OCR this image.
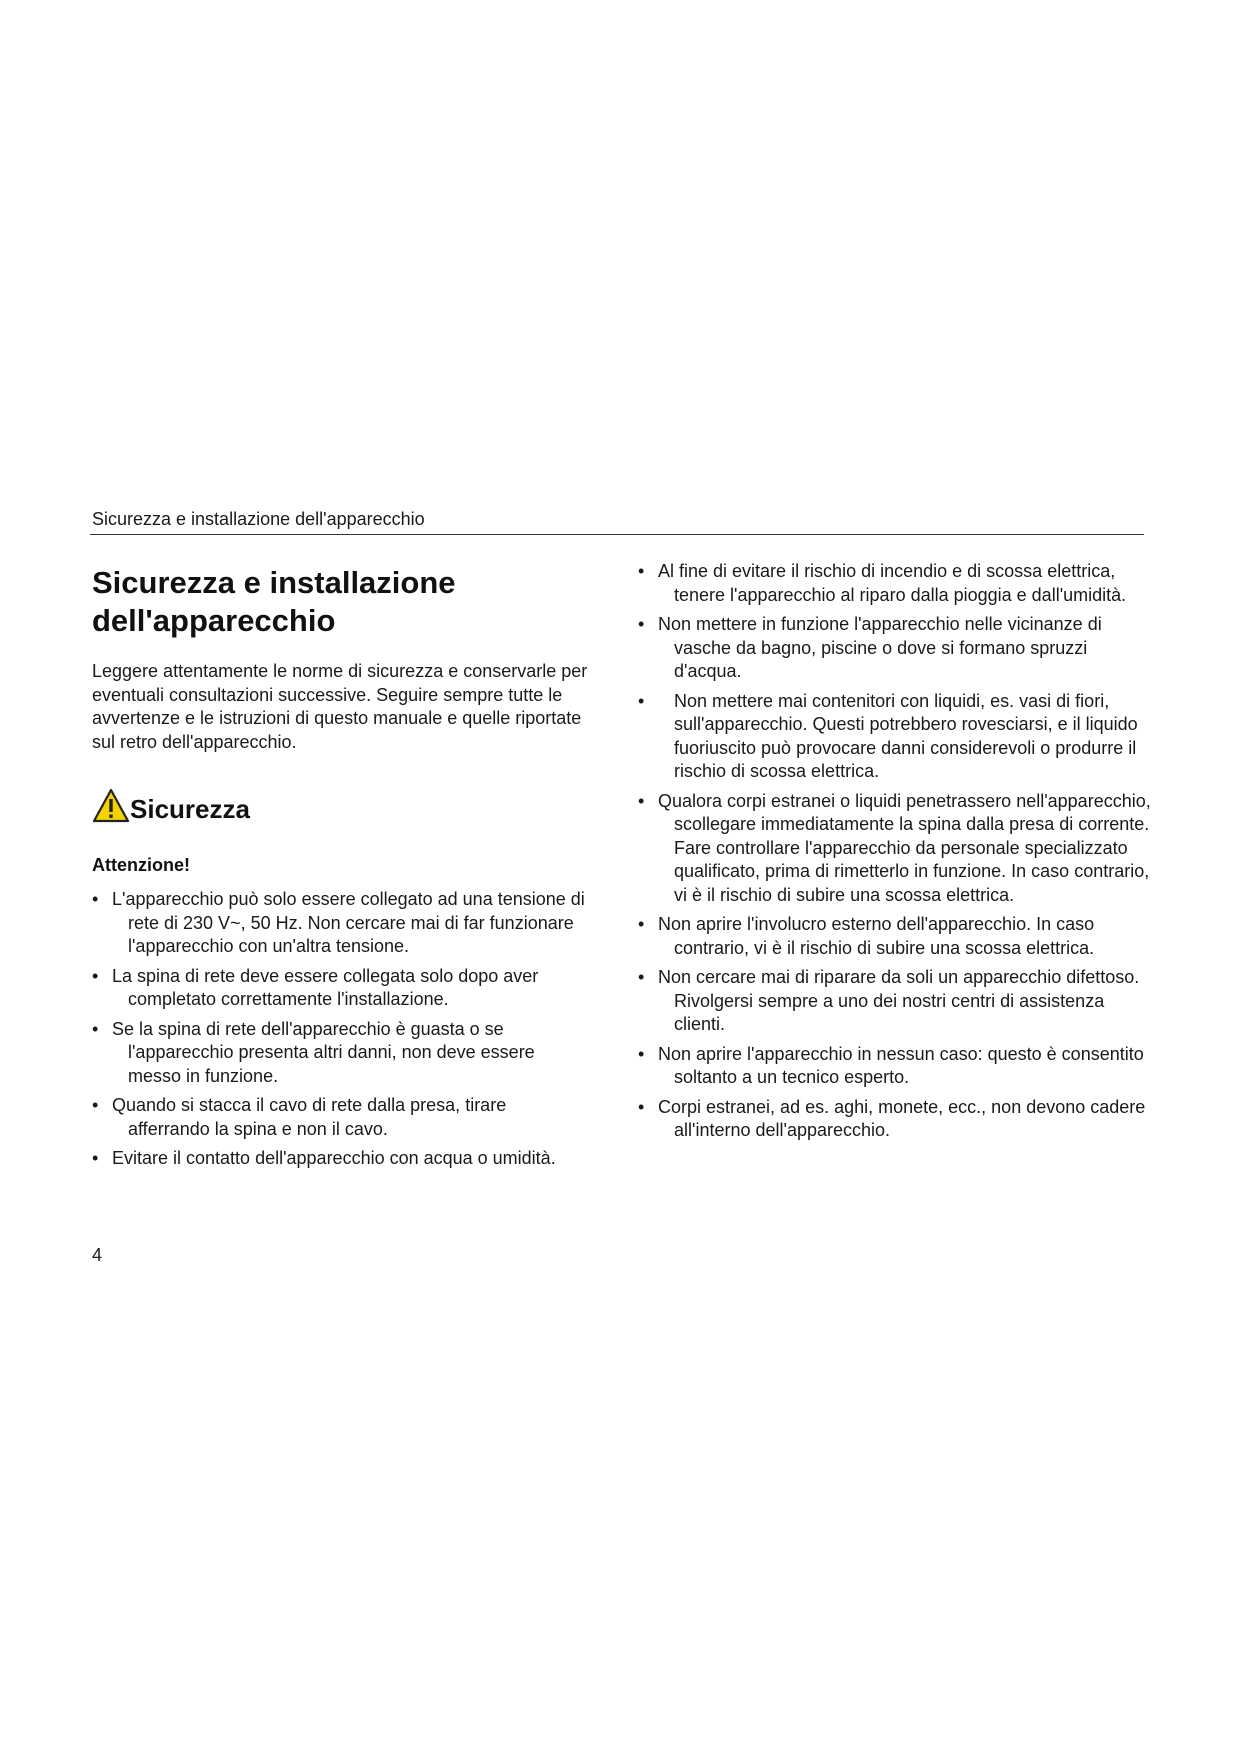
Sicurezza e installazione dell'apparecchio
Sicurezza e installazione dell'apparecchio

Leggere attentamente le norme di sicurezza e conservarle per eventuali consultazioni successive. Seguire sempre tutte le avvertenze e le istruzioni di questo manuale e quelle riportate sul retro dell'apparecchio.

Sicurezza
Attenzione!
• L'apparecchio può solo essere collegato ad una tensione di rete di 230 V~, 50 Hz. Non cercare mai di far funzionare l'apparecchio con un'altra tensione.
• La spina di rete deve essere collegata solo dopo aver completato correttamente l'installazione.
• Se la spina di rete dell'apparecchio è guasta o se l'apparecchio presenta altri danni, non deve essere messo in funzione.
• Quando si stacca il cavo di rete dalla presa, tirare afferrando la spina e non il cavo.
• Evitare il contatto dell'apparecchio con acqua o umidità.
• Al fine di evitare il rischio di incendio e di scossa elettrica, tenere l'apparecchio al riparo dalla pioggia e dall'umidità.
• Non mettere in funzione l'apparecchio nelle vicinanze di vasche da bagno, piscine o dove si formano spruzzi d'acqua.
•	Non mettere mai contenitori con liquidi, es. vasi di fiori, sull'apparecchio. Questi potrebbero rovesciarsi, e il liquido fuoriuscito può provocare danni considerevoli o produrre il rischio di scossa elettrica.
• Qualora corpi estranei o liquidi penetrassero nell'apparecchio, scollegare immediatamente la spina dalla presa di corrente. Fare controllare l'apparecchio da personale specializzato qualificato, prima di rimetterlo in funzione. In caso contrario, vi è il rischio di subire una scossa elettrica.
• Non aprire l'involucro esterno dell'apparecchio. In caso contrario, vi è il rischio di subire una scossa elettrica.
• Non cercare mai di riparare da soli un apparecchio difettoso. Rivolgersi sempre a uno dei nostri centri di assistenza clienti.
• Non aprire l'apparecchio in nessun caso: questo è consentito soltanto a un tecnico esperto.
• Corpi estranei, ad es. aghi, monete, ecc., non devono cadere all'interno dell'apparecchio.
4
